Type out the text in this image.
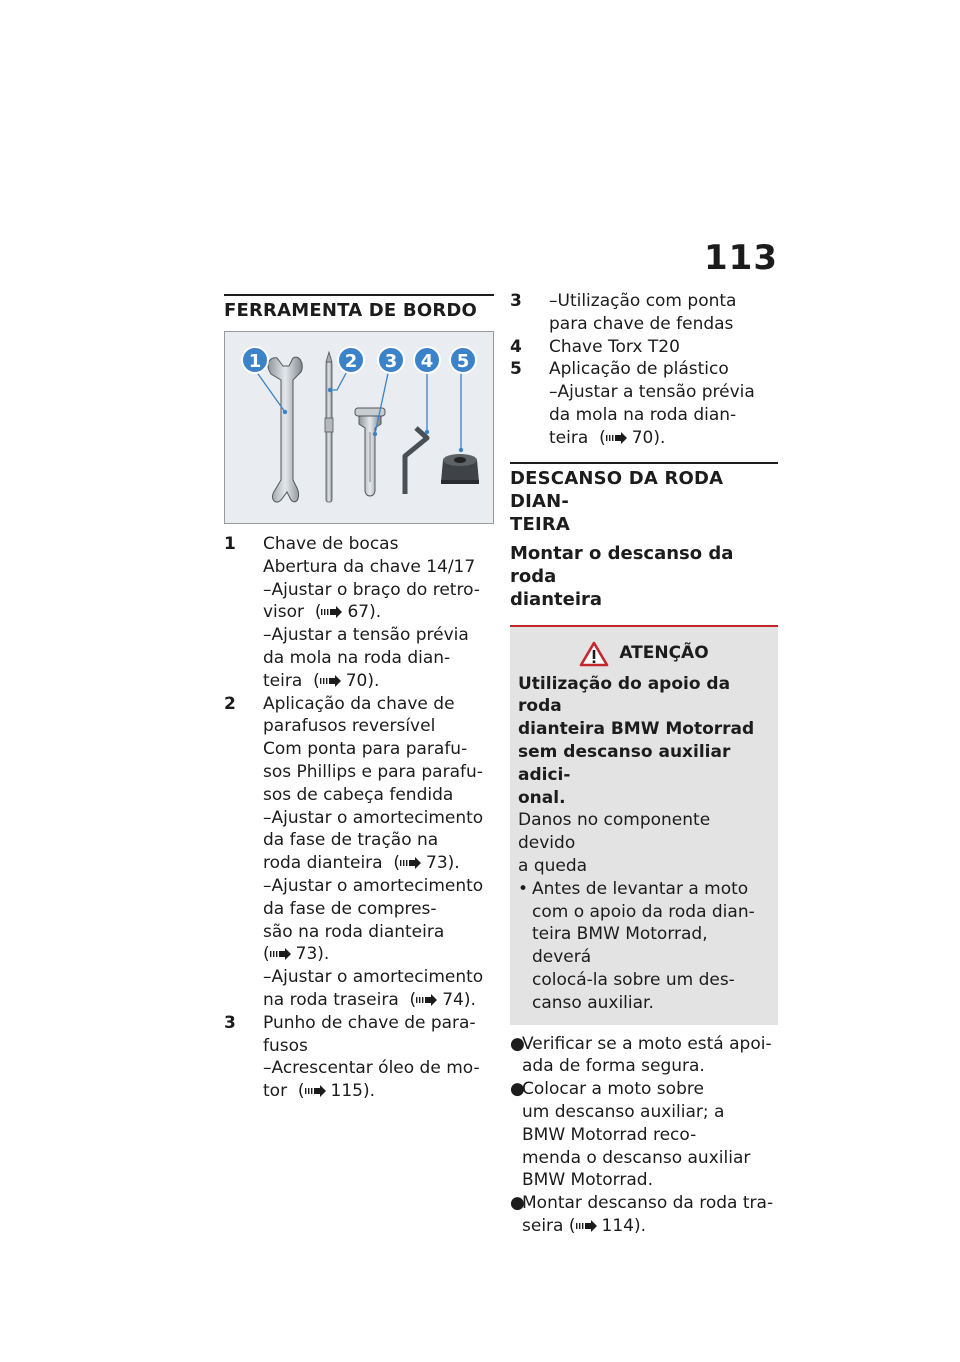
113
FERRAMENTA DE BORDO
1	2 3 4 5
1	Chave de bocas
Abertura da chave 14/17
–Ajustar o braço do retro-
visor  ( 67).
–Ajustar a tensão prévia
da mola na roda dian-
teira  ( 70).
2	Aplicação da chave de
parafusos reversível
Com ponta para parafu-
sos Phillips e para parafu-
sos de cabeça fendida
–Ajustar o amortecimento
da fase de tração na
roda dianteira  ( 73).
–Ajustar o amortecimento
da fase de compres-
são na roda dianteira
( 73).
–Ajustar o amortecimento
na roda traseira  ( 74).
3	Punho de chave de para-
fusos
–Acrescentar óleo de mo-
tor  ( 115).
3	–Utilização com ponta
para chave de fendas
4	Chave Torx T20
5	Aplicação de plástico
–Ajustar a tensão prévia
da mola na roda dian-
teira  ( 70).
DESCANSO DA RODA DIAN-
TEIRA
Montar o descanso da roda
dianteira
ATENÇÃO
Utilização do apoio da roda
dianteira BMW Motorrad
sem descanso auxiliar adici-
onal.
Danos no componente devido
a queda
• Antes de levantar a moto
com o apoio da roda dian-
teira BMW Motorrad, deverá
colocá-la sobre um des-
canso auxiliar.
●
Verificar se a moto está apoi-
ada de forma segura.
●
Colocar a moto sobre
um descanso auxiliar; a
BMW Motorrad reco-
menda o descanso auxiliar
BMW Motorrad.
●
Montar descanso da roda tra-
seira ( 114).
